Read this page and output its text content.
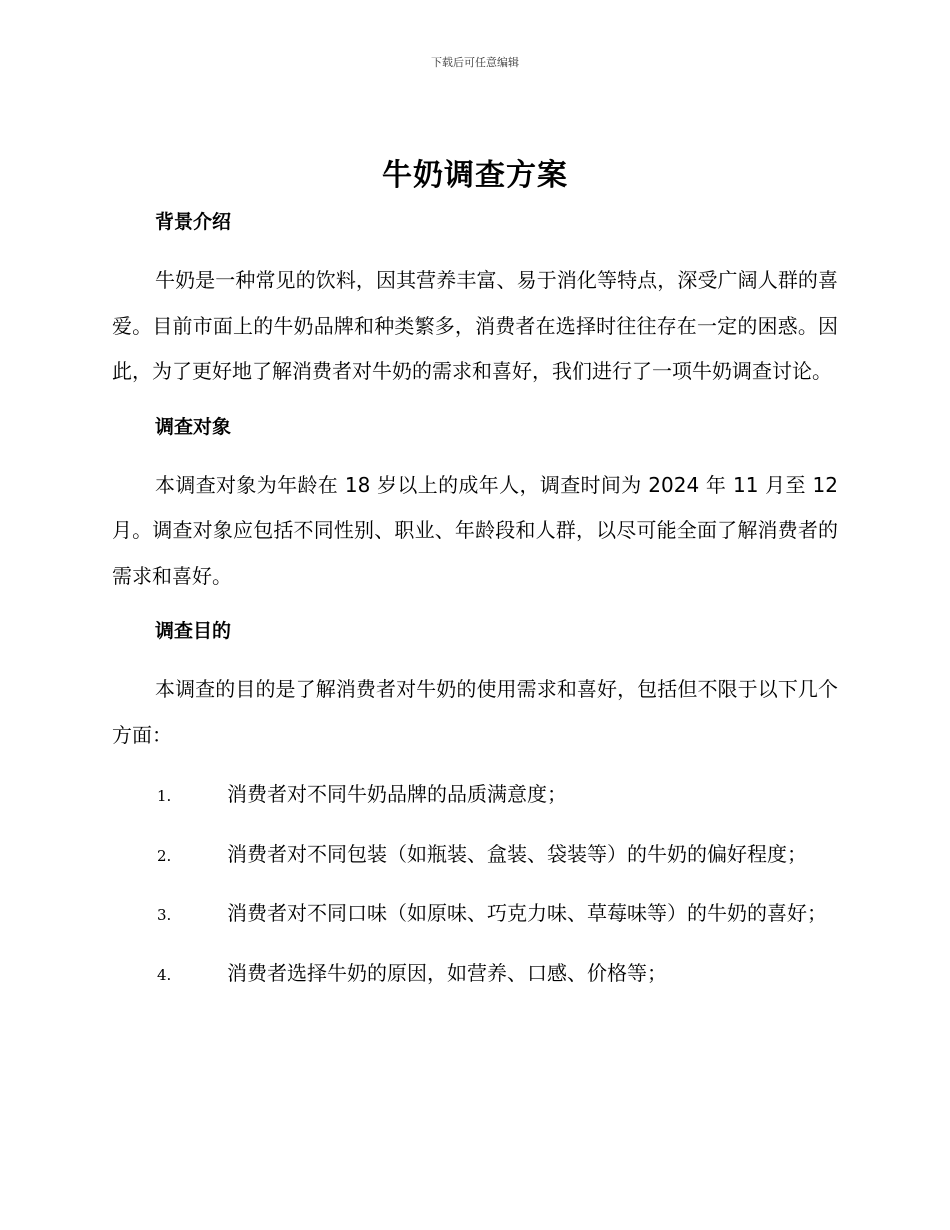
下载后可任意编辑
牛奶调查方案
背景介绍

牛奶是一种常见的饮料，因其营养丰富、易于消化等特点，深受广阔人群的喜爱。目前市面上的牛奶品牌和种类繁多，消费者在选择时往往存在一定的困惑。因此，为了更好地了解消费者对牛奶的需求和喜好，我们进行了一项牛奶调查讨论。

调查对象

本调查对象为年龄在 18 岁以上的成年人，调查时间为 2024 年 11 月至 12 月。调查对象应包括不同性别、职业、年龄段和人群，以尽可能全面了解消费者的需求和喜好。

调查目的

本调查的目的是了解消费者对牛奶的使用需求和喜好，包括但不限于以下几个方面：

1.	消费者对不同牛奶品牌的品质满意度；
2.	消费者对不同包装（如瓶装、盒装、袋装等）的牛奶的偏好程度；
3.	消费者对不同口味（如原味、巧克力味、草莓味等）的牛奶的喜好；
4.	消费者选择牛奶的原因，如营养、口感、价格等；
